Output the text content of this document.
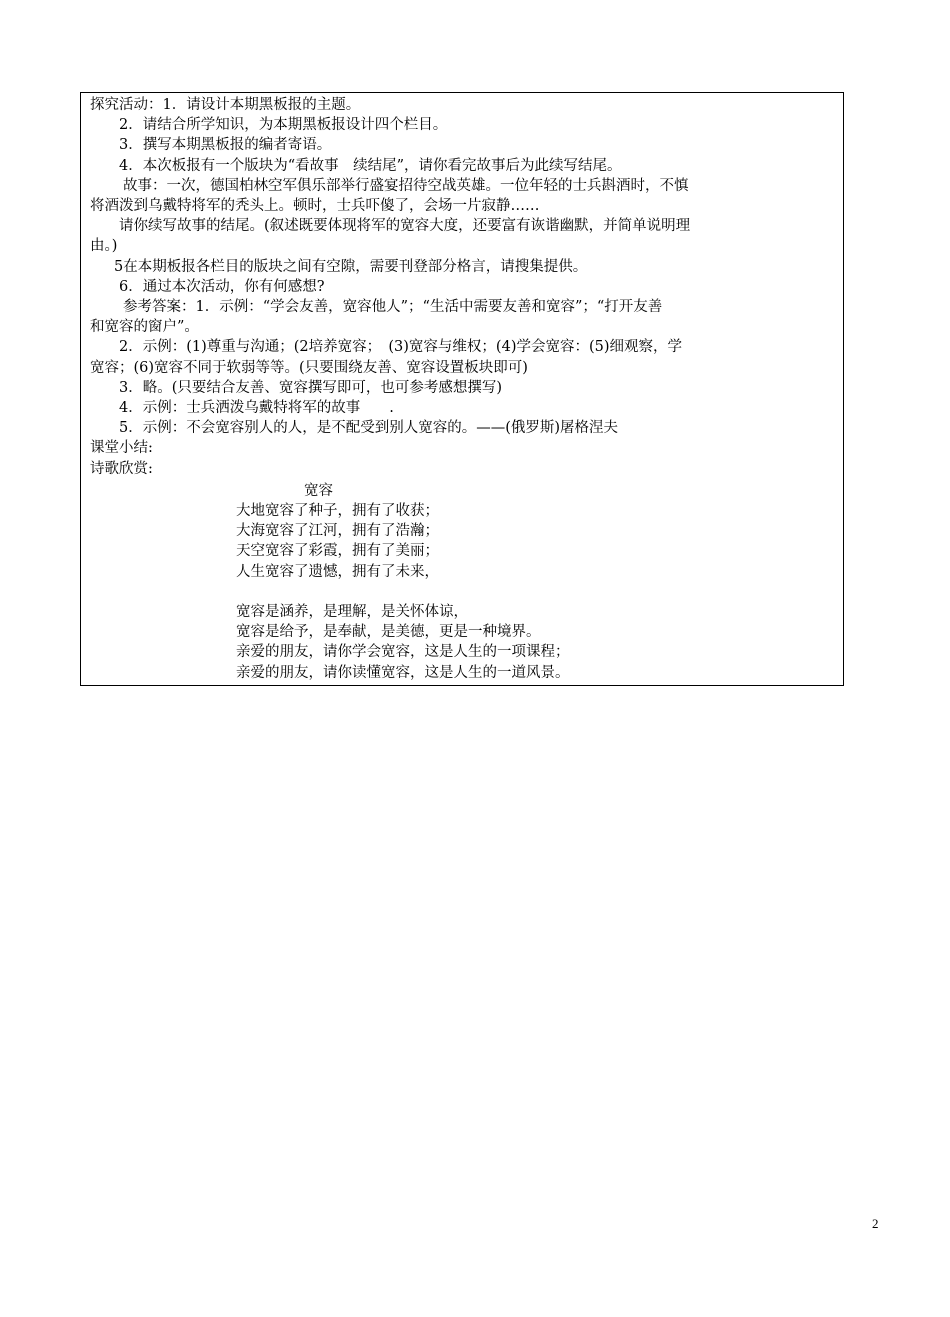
探究活动：1．请设计本期黑板报的主题。
2．请结合所学知识，为本期黑板报设计四个栏目。
3．撰写本期黑板报的编者寄语。
4．本次板报有一个版块为“看故事　续结尾”，请你看完故事后为此续写结尾。
故事：一次，德国柏林空军俱乐部举行盛宴招待空战英雄。一位年轻的士兵斟酒时，不慎
将酒泼到乌戴特将军的秃头上。顿时，士兵吓傻了，会场一片寂静……
请你续写故事的结尾。(叙述既要体现将军的宽容大度，还要富有诙谐幽默，并简单说明理
由。)
5在本期板报各栏目的版块之间有空隙，需要刊登部分格言，请搜集提供。
6．通过本次活动，你有何感想?
参考答案：1．示例：“学会友善，宽容他人”；“生活中需要友善和宽容”；“打开友善
和宽容的窗户”。
2．示例：(1)尊重与沟通；(2培养宽容；　(3)宽容与维权；(4)学会宽容：(5)细观察，学
宽容；(6)宽容不同于软弱等等。(只要围绕友善、宽容设置板块即可)
3．略。(只要结合友善、宽容撰写即可，也可参考感想撰写)
4．示例：士兵洒泼乌戴特将军的故事　　.
5．示例：不会宽容别人的人，是不配受到别人宽容的。——(俄罗斯)屠格涅夫
课堂小结:
诗歌欣赏:
宽容
大地宽容了种子，拥有了收获；
大海宽容了江河，拥有了浩瀚；
天空宽容了彩霞，拥有了美丽；
人生宽容了遗憾，拥有了未来，
宽容是涵养，是理解，是关怀体谅，
宽容是给予，是奉献，是美德，更是一种境界。
亲爱的朋友，请你学会宽容，这是人生的一项课程；
亲爱的朋友，请你读懂宽容，这是人生的一道风景。
2
